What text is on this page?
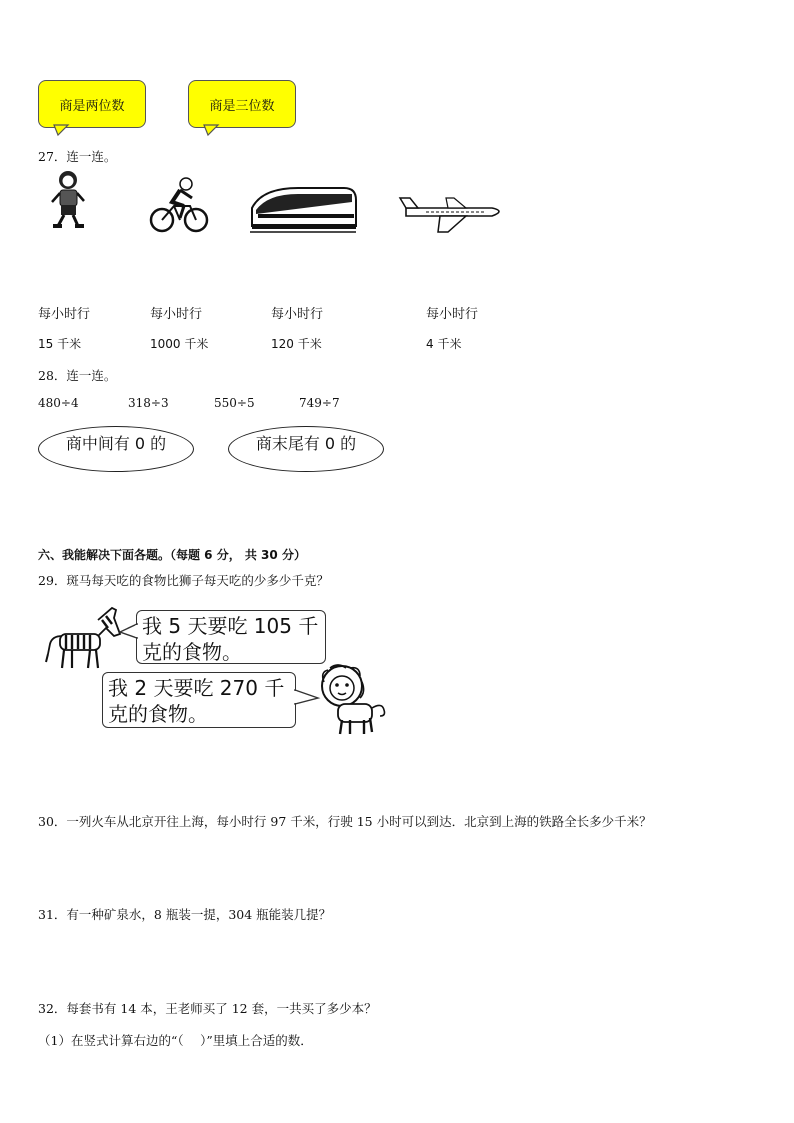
商是两位数	商是三位数
27．连一连。
每小时行
15 千米
每小时行
1000 千米
每小时行
120 千米
每小时行
4 千米
28．连一连。
480÷4	318÷3	550÷5	749÷7
商中间有 0 的	商末尾有 0 的
六、我能解决下面各题。（每题 6 分， 共 30 分）
29．斑马每天吃的食物比狮子每天吃的少多少千克？
我 5 天要吃 105 千
克的食物。
我 2 天要吃 270 千
克的食物。
30．一列火车从北京开往上海，每小时行 97 千米，行驶 15 小时可以到达．北京到上海的铁路全长多少千米？
31．有一种矿泉水，8 瓶装一提，304 瓶能装几提？
32．每套书有 14 本，王老师买了 12 套，一共买了多少本？
（1）在竖式计算右边的“（　 ）”里填上合适的数．
